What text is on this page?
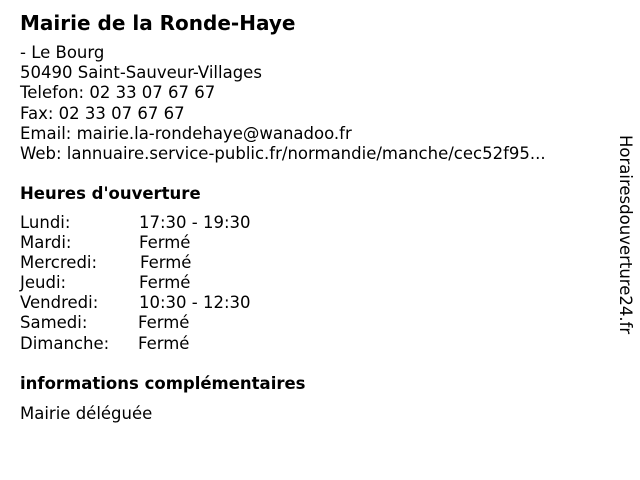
Mairie de la Ronde-Haye
- Le Bourg
50490 Saint-Sauveur-Villages
Telefon: 02 33 07 67 67
Fax: 02 33 07 67 67
Email: mairie.la-rondehaye@wanadoo.fr
Web: lannuaire.service-public.fr/normandie/manche/cec52f95...
Heures d'ouverture
Lundi:	17:30 - 19:30
Mardi:	Fermé
Mercredi:	Fermé
Jeudi:	Fermé
Vendredi: 10:30 - 12:30
Samedi:	Fermé
Dimanche: Fermé
informations complémentaires
Mairie déléguée
Horairesdouverture24.fr
